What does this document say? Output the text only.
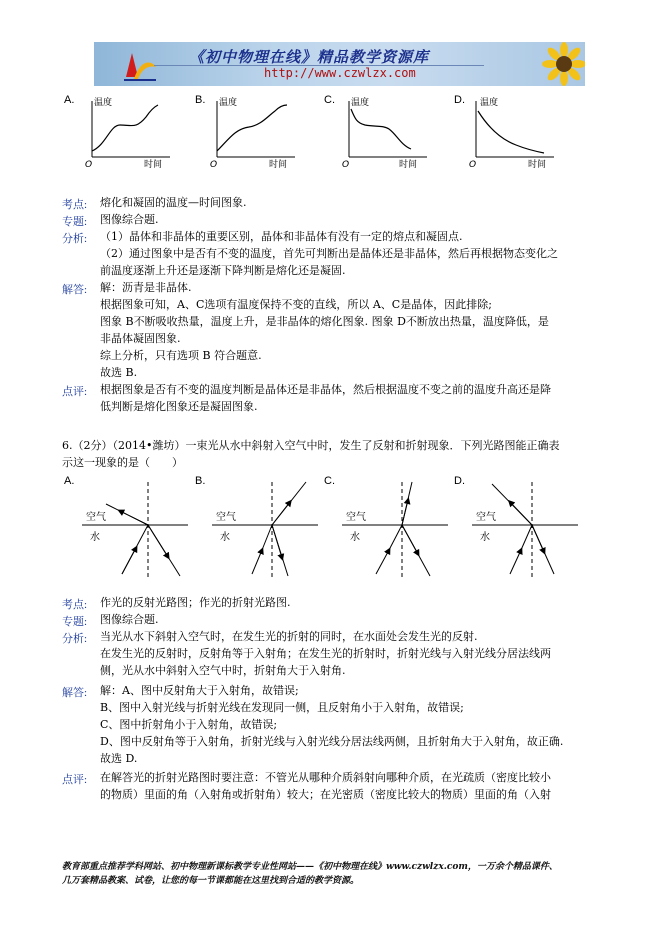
《初中物理在线》精品教学资源库
http://www.czwlzx.com
A.	B.	C.	D.
温度
时间
O
温度
时间
O
温度
时间
O
温度
时间
O
考点: 熔化和凝固的温度—时间图象.
专题: 图像综合题.
分析: （1）晶体和非晶体的重要区别，晶体和非晶体有没有一定的熔点和凝固点.
（2）通过图象中是否有不变的温度，首先可判断出是晶体还是非晶体，然后再根据物态变化之
前温度逐渐上升还是逐渐下降判断是熔化还是凝固.
解答: 解：沥青是非晶体.
根据图象可知，A、C选项有温度保持不变的直线，所以 A、C是晶体，因此排除;
图象 B不断吸收热量，温度上升，是非晶体的熔化图象. 图象 D不断放出热量，温度降低，是
非晶体凝固图象.
综上分析，只有选项 B 符合题意.
故选 B.
点评: 根据图象是否有不变的温度判断是晶体还是非晶体，然后根据温度不变之前的温度升高还是降
低判断是熔化图象还是凝固图象.
6.（2分）（2014•潍坊）一束光从水中斜射入空气中时，发生了反射和折射现象．下列光路图能正确表
示这一现象的是（　　）
A.	B.	C.	D.
空气
水
空气
水
空气
水
空气
水
考点: 作光的反射光路图；作光的折射光路图.
专题: 图像综合题.
分析: 当光从水下斜射入空气时，在发生光的折射的同时，在水面处会发生光的反射.
在发生光的反射时，反射角等于入射角；在发生光的折射时，折射光线与入射光线分居法线两
侧，光从水中斜射入空气中时，折射角大于入射角.
解答: 解：A、图中反射角大于入射角，故错误;
B、图中入射光线与折射光线在发现同一侧，且反射角小于入射角，故错误;
C、图中折射角小于入射角，故错误;
D、图中反射角等于入射角，折射光线与入射光线分居法线两侧，且折射角大于入射角，故正确.
故选 D.
点评: 在解答光的折射光路图时要注意：不管光从哪种介质斜射向哪种介质，在光疏质（密度比较小
的物质）里面的角（入射角或折射角）较大；在光密质（密度比较大的物质）里面的角（入射
教育部重点推荐学科网站、初中物理新课标教学专业性网站——《初中物理在线》www.czwlzx.com，一万余个精品课件、
几万套精品教案、试卷，让您的每一节课都能在这里找到合适的教学资源。
